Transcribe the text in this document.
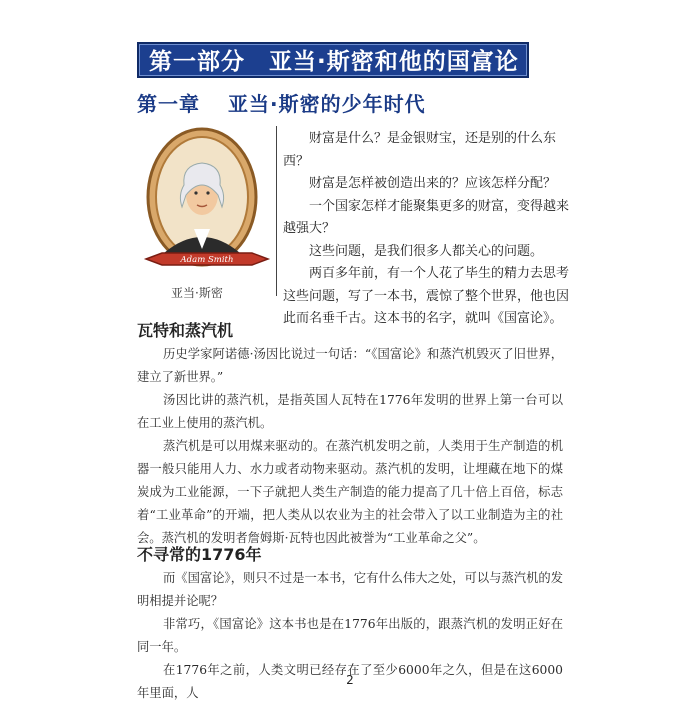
第一部分　亚当·斯密和他的国富论
第一章 亚当·斯密的少年时代
Adam Smith
亚当·斯密

财富是什么？是金银财宝，还是别的什么东西？

财富是怎样被创造出来的？应该怎样分配？

一个国家怎样才能聚集更多的财富，变得越来越强大？

这些问题，是我们很多人都关心的问题。

两百多年前，有一个人花了毕生的精力去思考这些问题，写了一本书，震惊了整个世界，他也因此而名垂千古。这本书的名字，就叫《国富论》。

瓦特和蒸汽机

历史学家阿诺德·汤因比说过一句话：“《国富论》和蒸汽机毁灭了旧世界，建立了新世界。”

汤因比讲的蒸汽机，是指英国人瓦特在1776年发明的世界上第一台可以在工业上使用的蒸汽机。

蒸汽机是可以用煤来驱动的。在蒸汽机发明之前，人类用于生产制造的机器一般只能用人力、水力或者动物来驱动。蒸汽机的发明，让埋藏在地下的煤炭成为工业能源，一下子就把人类生产制造的能力提高了几十倍上百倍，标志着“工业革命”的开端，把人类从以农业为主的社会带入了以工业制造为主的社会。蒸汽机的发明者詹姆斯·瓦特也因此被誉为“工业革命之父”。

不寻常的1776年

而《国富论》，则只不过是一本书，它有什么伟大之处，可以与蒸汽机的发明相提并论呢？

非常巧，《国富论》这本书也是在1776年出版的，跟蒸汽机的发明正好在同一年。

在1776年之前，人类文明已经存在了至少6000年之久，但是在这6000年里面，人

2
